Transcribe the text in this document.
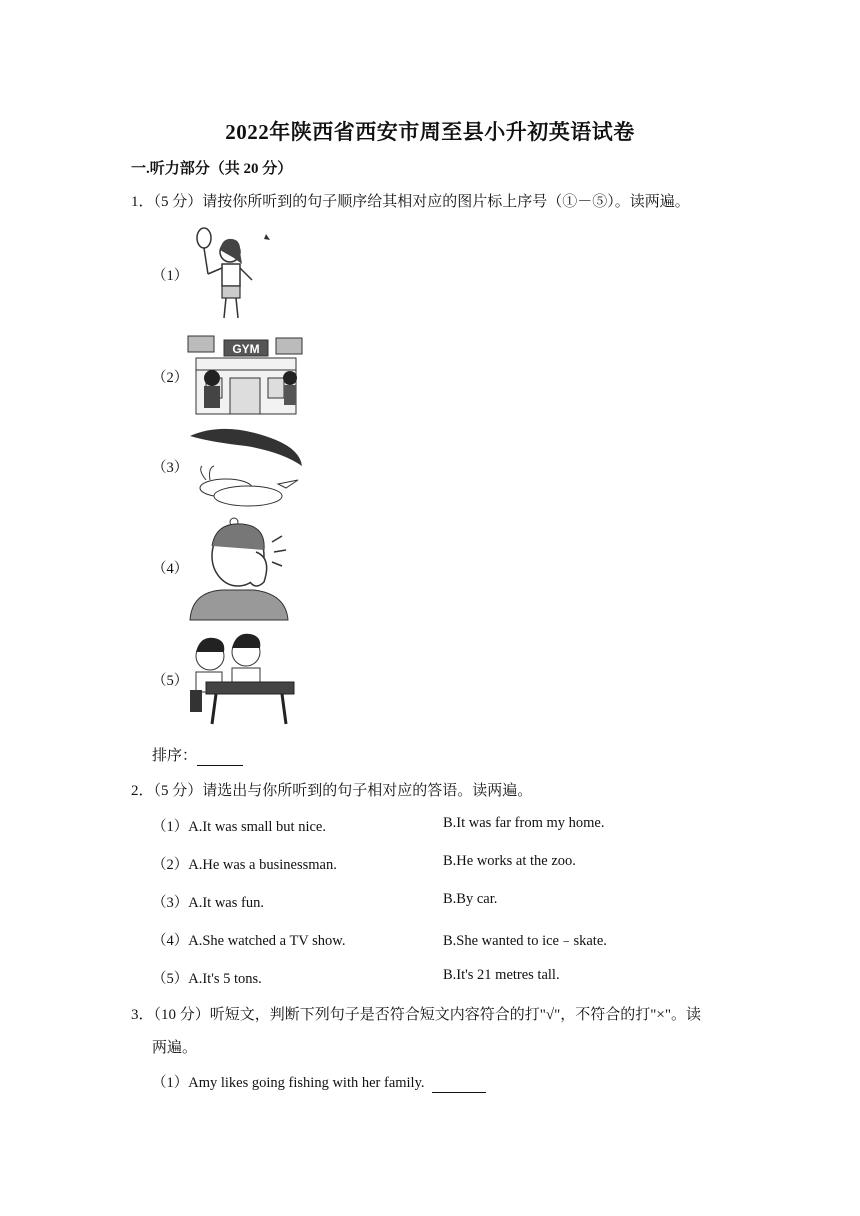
2022年陕西省西安市周至县小升初英语试卷
一.听力部分（共 20 分）
1．（5 分）请按你所听到的句子顺序给其相对应的图片标上序号（①－⑤）。读两遍。
（1）
（2）
GYM
（3）
（4）
（5）
排序：
2．（5 分）请选出与你所听到的句子相对应的答语。读两遍。
（1）A.It was small but nice.	B.It was far from my home.
（2）A.He was a businessman.	B.He works at the zoo.
（3）A.It was fun.	B.By car.
（4）A.She watched a TV show.	B.She wanted to ice﹣skate.
（5）A.It's 5 tons.	B.It's 21 metres tall.
3．（10 分）听短文，判断下列句子是否符合短文内容符合的打"√"，不符合的打"×"。读
两遍。
（1）Amy likes going fishing with her family.
